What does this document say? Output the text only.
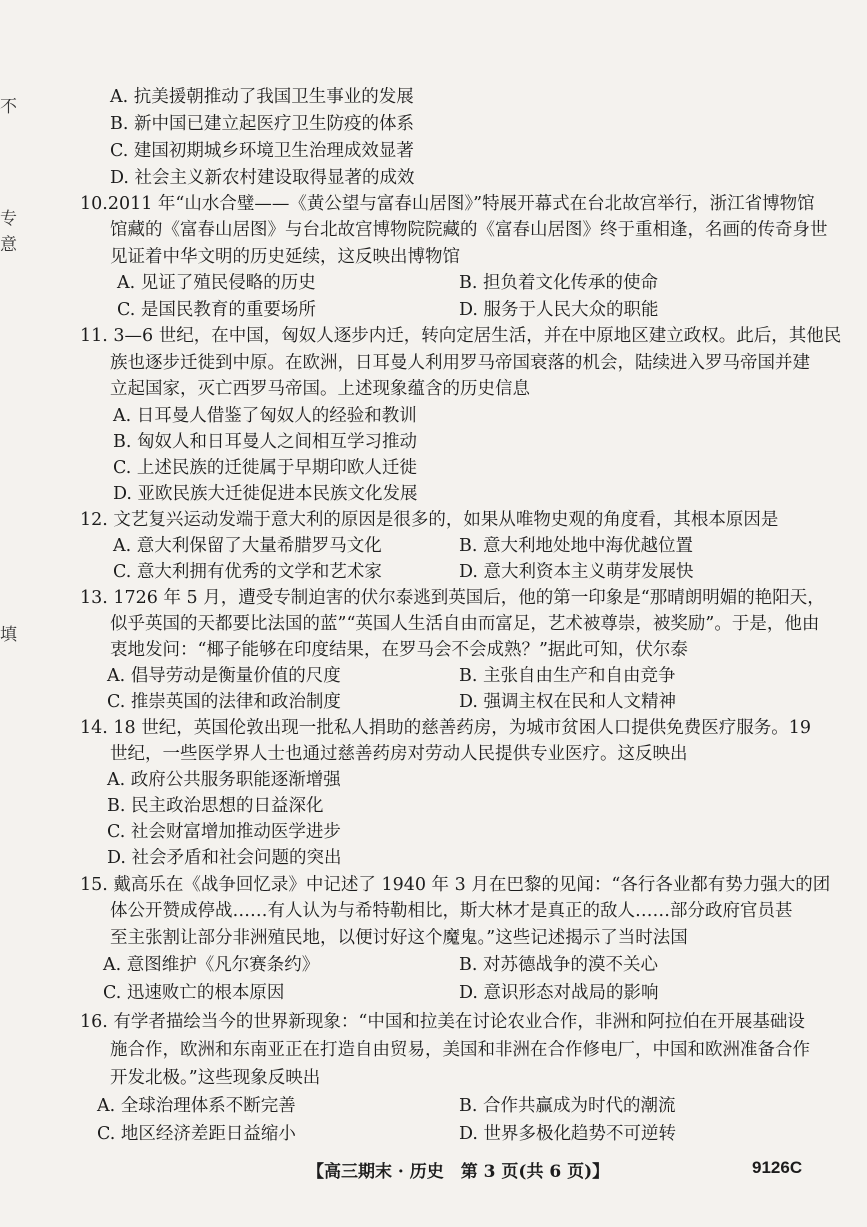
不
专
意
填
A. 抗美援朝推动了我国卫生事业的发展
B. 新中国已建立起医疗卫生防疫的体系
C. 建国初期城乡环境卫生治理成效显著
D. 社会主义新农村建设取得显著的成效
10.2011 年“山水合璧——《黄公望与富春山居图》”特展开幕式在台北故宫举行，浙江省博物馆
馆藏的《富春山居图》与台北故宫博物院院藏的《富春山居图》终于重相逢，名画的传奇身世
见证着中华文明的历史延续，这反映出博物馆
A. 见证了殖民侵略的历史	B. 担负着文化传承的使命
C. 是国民教育的重要场所	D. 服务于人民大众的职能
11. 3—6 世纪，在中国，匈奴人逐步内迁，转向定居生活，并在中原地区建立政权。此后，其他民
族也逐步迁徙到中原。在欧洲，日耳曼人利用罗马帝国衰落的机会，陆续进入罗马帝国并建
立起国家，灭亡西罗马帝国。上述现象蕴含的历史信息
A. 日耳曼人借鉴了匈奴人的经验和教训
B. 匈奴人和日耳曼人之间相互学习推动
C. 上述民族的迁徙属于早期印欧人迁徙
D. 亚欧民族大迁徙促进本民族文化发展
12. 文艺复兴运动发端于意大利的原因是很多的，如果从唯物史观的角度看，其根本原因是
A. 意大利保留了大量希腊罗马文化	B. 意大利地处地中海优越位置
C. 意大利拥有优秀的文学和艺术家	D. 意大利资本主义萌芽发展快
13. 1726 年 5 月，遭受专制迫害的伏尔泰逃到英国后，他的第一印象是“那晴朗明媚的艳阳天，
似乎英国的天都要比法国的蓝”“英国人生活自由而富足，艺术被尊崇，被奖励”。于是，他由
衷地发问：“椰子能够在印度结果，在罗马会不会成熟？”据此可知，伏尔泰
A. 倡导劳动是衡量价值的尺度	B. 主张自由生产和自由竞争
C. 推崇英国的法律和政治制度	D. 强调主权在民和人文精神
14. 18 世纪，英国伦敦出现一批私人捐助的慈善药房，为城市贫困人口提供免费医疗服务。19
世纪，一些医学界人士也通过慈善药房对劳动人民提供专业医疗。这反映出
A. 政府公共服务职能逐渐增强
B. 民主政治思想的日益深化
C. 社会财富增加推动医学进步
D. 社会矛盾和社会问题的突出
15. 戴高乐在《战争回忆录》中记述了 1940 年 3 月在巴黎的见闻：“各行各业都有势力强大的团
体公开赞成停战……有人认为与希特勒相比，斯大林才是真正的敌人……部分政府官员甚
至主张割让部分非洲殖民地，以便讨好这个魔鬼。”这些记述揭示了当时法国
A. 意图维护《凡尔赛条约》	B. 对苏德战争的漠不关心
C. 迅速败亡的根本原因	D. 意识形态对战局的影响
16. 有学者描绘当今的世界新现象：“中国和拉美在讨论农业合作，非洲和阿拉伯在开展基础设
施合作，欧洲和东南亚正在打造自由贸易，美国和非洲在合作修电厂，中国和欧洲准备合作
开发北极。”这些现象反映出
A. 全球治理体系不断完善	B. 合作共赢成为时代的潮流
C. 地区经济差距日益缩小	D. 世界多极化趋势不可逆转
【高三期末 · 历史　第 3 页(共 6 页)】	9126C
